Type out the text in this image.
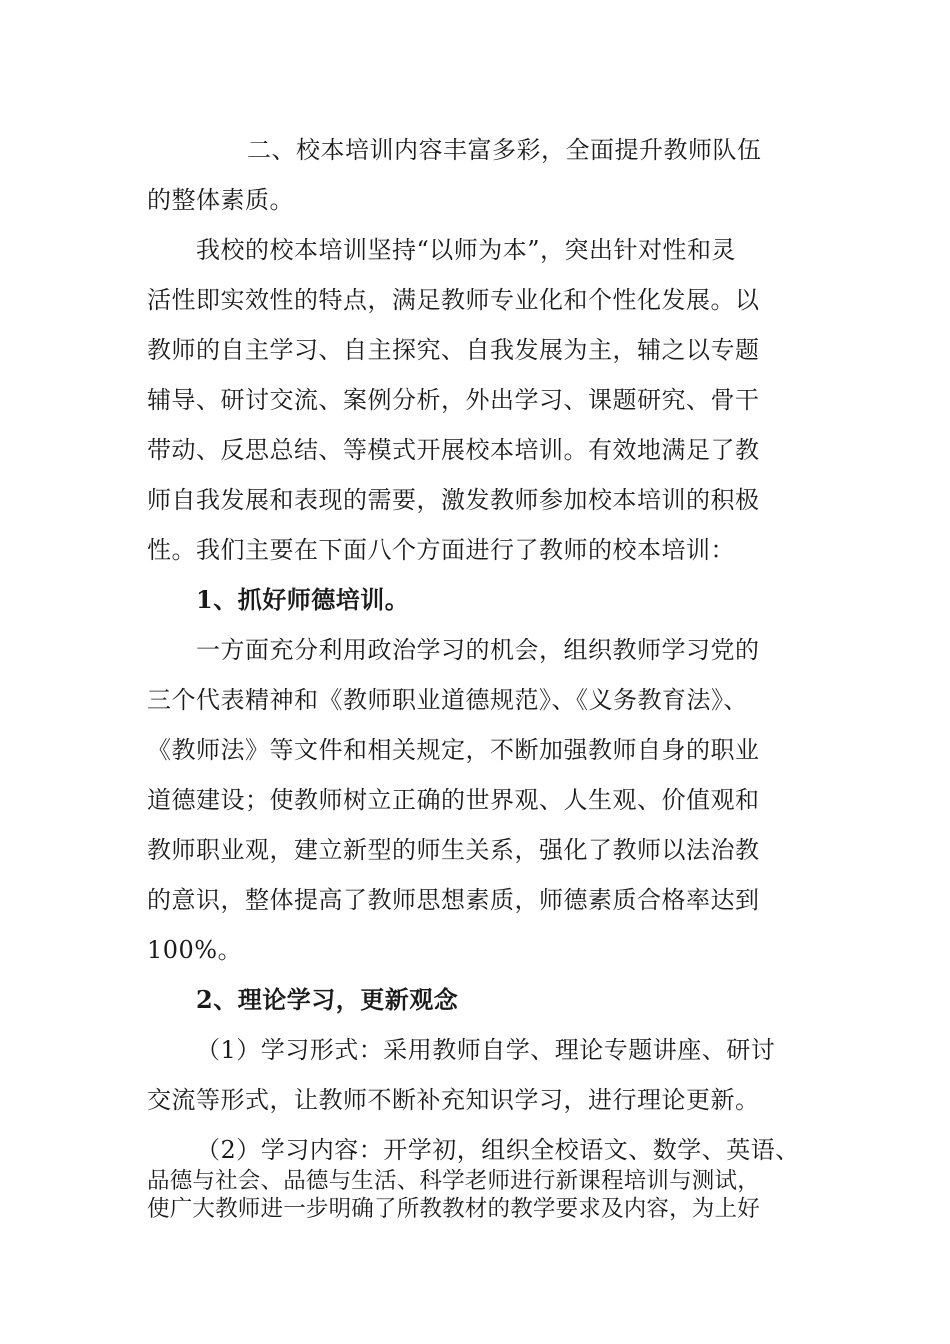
二、校本培训内容丰富多彩，全面提升教师队伍
的整体素质。
我校的校本培训坚持“以师为本”，突出针对性和灵
活性即实效性的特点，满足教师专业化和个性化发展。以
教师的自主学习、自主探究、自我发展为主，辅之以专题
辅导、研讨交流、案例分析，外出学习、课题研究、骨干
带动、反思总结、等模式开展校本培训。有效地满足了教
师自我发展和表现的需要，激发教师参加校本培训的积极
性。我们主要在下面八个方面进行了教师的校本培训：
1、抓好师德培训。
一方面充分利用政治学习的机会，组织教师学习党的
三个代表精神和《教师职业道德规范》、《义务教育法》、
《教师法》等文件和相关规定，不断加强教师自身的职业
道德建设；使教师树立正确的世界观、人生观、价值观和
教师职业观，建立新型的师生关系，强化了教师以法治教
的意识，整体提高了教师思想素质，师德素质合格率达到
100%。
2、理论学习，更新观念
（1）学习形式：采用教师自学、理论专题讲座、研讨
交流等形式，让教师不断补充知识学习，进行理论更新。
（2）学习内容：开学初，组织全校语文、数学、英语、
品德与社会、品德与生活、科学老师进行新课程培训与测试，
使广大教师进一步明确了所教教材的教学要求及内容，为上好
